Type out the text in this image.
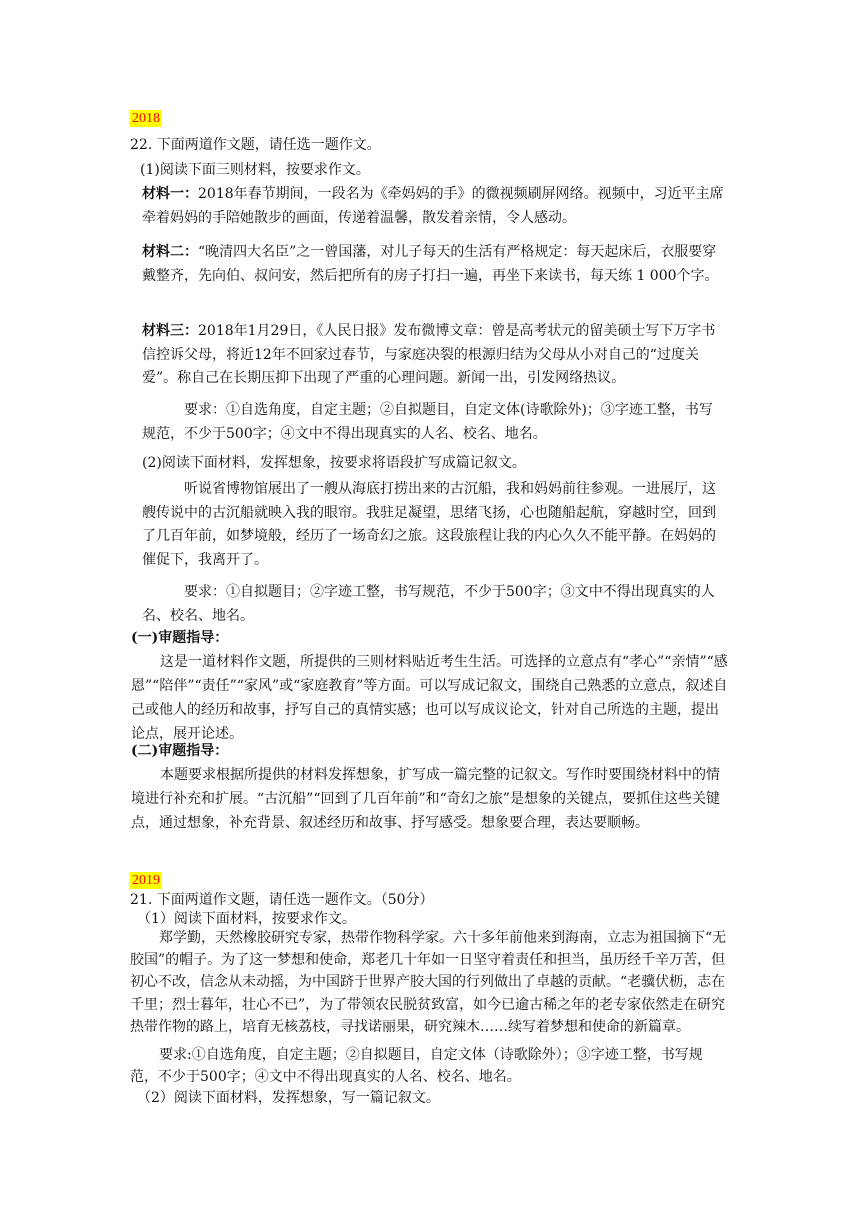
2018
22. 下面两道作文题，请任选一题作文。
(1)阅读下面三则材料，按要求作文。
材料一：2018年春节期间，一段名为《牵妈妈的手》的微视频刷屏网络。视频中，习近平主席牵着妈妈的手陪她散步的画面，传递着温馨，散发着亲情，令人感动。
材料二：“晚清四大名臣”之一曾国藩，对儿子每天的生活有严格规定：每天起床后，衣服要穿戴整齐，先向伯、叔问安，然后把所有的房子打扫一遍，再坐下来读书，每天练 1 000个字。
材料三：2018年1月29日，《人民日报》发布微博文章：曾是高考状元的留美硕士写下万字书信控诉父母，将近12年不回家过春节，与家庭决裂的根源归结为父母从小对自己的“过度关爱”。称自己在长期压抑下出现了严重的心理问题。新闻一出，引发网络热议。
要求：①自选角度，自定主题；②自拟题目，自定文体(诗歌除外)；③字迹工整，书写规范，不少于500字；④文中不得出现真实的人名、校名、地名。
(2)阅读下面材料，发挥想象，按要求将语段扩写成篇记叙文。
听说省博物馆展出了一艘从海底打捞出来的古沉船，我和妈妈前往参观。一进展厅，这艘传说中的古沉船就映入我的眼帘。我驻足凝望，思绪飞扬，心也随船起航，穿越时空，回到了几百年前，如梦境般，经历了一场奇幻之旅。这段旅程让我的内心久久不能平静。在妈妈的催促下，我离开了。
要求：①自拟题目；②字迹工整，书写规范，不少于500字；③文中不得出现真实的人名、校名、地名。
(一)审题指导：
这是一道材料作文题，所提供的三则材料贴近考生生活。可选择的立意点有“孝心”“亲情”“感恩”“陪伴”“责任”“家风”或“家庭教育”等方面。可以写成记叙文，围绕自己熟悉的立意点，叙述自己或他人的经历和故事，抒写自己的真情实感；也可以写成议论文，针对自己所选的主题，提出论点，展开论述。
(二)审题指导：
本题要求根据所提供的材料发挥想象，扩写成一篇完整的记叙文。写作时要围绕材料中的情境进行补充和扩展。“古沉船”“回到了几百年前”和“奇幻之旅”是想象的关键点，要抓住这些关键点，通过想象，补充背景、叙述经历和故事、抒写感受。想象要合理，表达要顺畅。
2019
21. 下面两道作文题，请任选一题作文。（50分）
（1）阅读下面材料，按要求作文。
郑学勤，天然橡胶研究专家，热带作物科学家。六十多年前他来到海南，立志为祖国摘下“无胶国”的帽子。为了这一梦想和使命，郑老几十年如一日坚守着责任和担当，虽历经千辛万苦，但初心不改，信念从未动摇，为中国跻于世界产胶大国的行列做出了卓越的贡献。“老骥伏枥，志在千里；烈士暮年，壮心不已”，为了带领农民脱贫致富，如今已逾古稀之年的老专家依然走在研究热带作物的路上，培育无核荔枝，寻找诺丽果，研究辣木……续写着梦想和使命的新篇章。
要求:①自选角度，自定主题；②自拟题目，自定文体（诗歌除外）；③字迹工整，书写规范，不少于500字；④文中不得出现真实的人名、校名、地名。
（2）阅读下面材料，发挥想象，写一篇记叙文。
